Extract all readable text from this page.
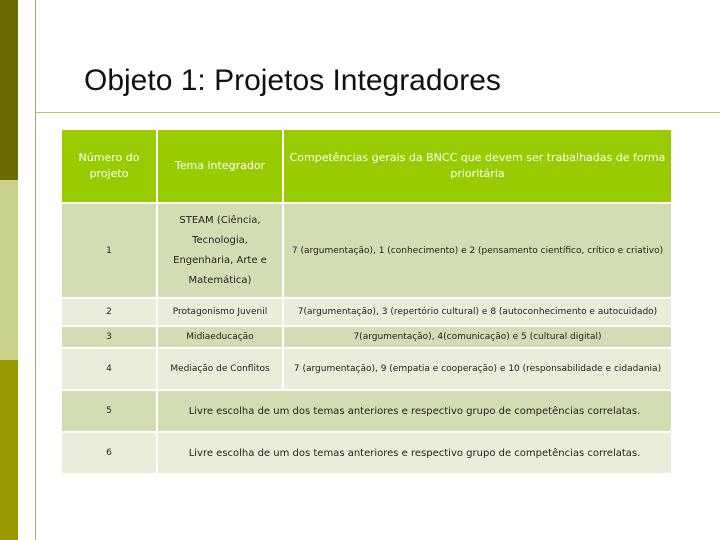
Objeto 1: Projetos Integradores
Número do projeto	Tema integrador	Competências gerais da BNCC que devem ser trabalhadas de forma prioritária
1	STEAM (Ciência,
Tecnologia,
Engenharia, Arte e
Matemática)	7 (argumentação), 1 (conhecimento) e 2 (pensamento científico, crítico e criativo)
2	Protagonismo Juvenil	7(argumentação), 3 (repertório cultural) e 8 (autoconhecimento e autocuidado)
3	Midiaeducação	7(argumentação), 4(comunicação) e 5 (cultural digital)
4	Mediação de Conflitos	7 (argumentação), 9 (empatia e cooperação) e 10 (responsabilidade e cidadania)
5	Livre escolha de um dos temas anteriores e respectivo grupo de competências correlatas.	
6	Livre escolha de um dos temas anteriores e respectivo grupo de competências correlatas.	
